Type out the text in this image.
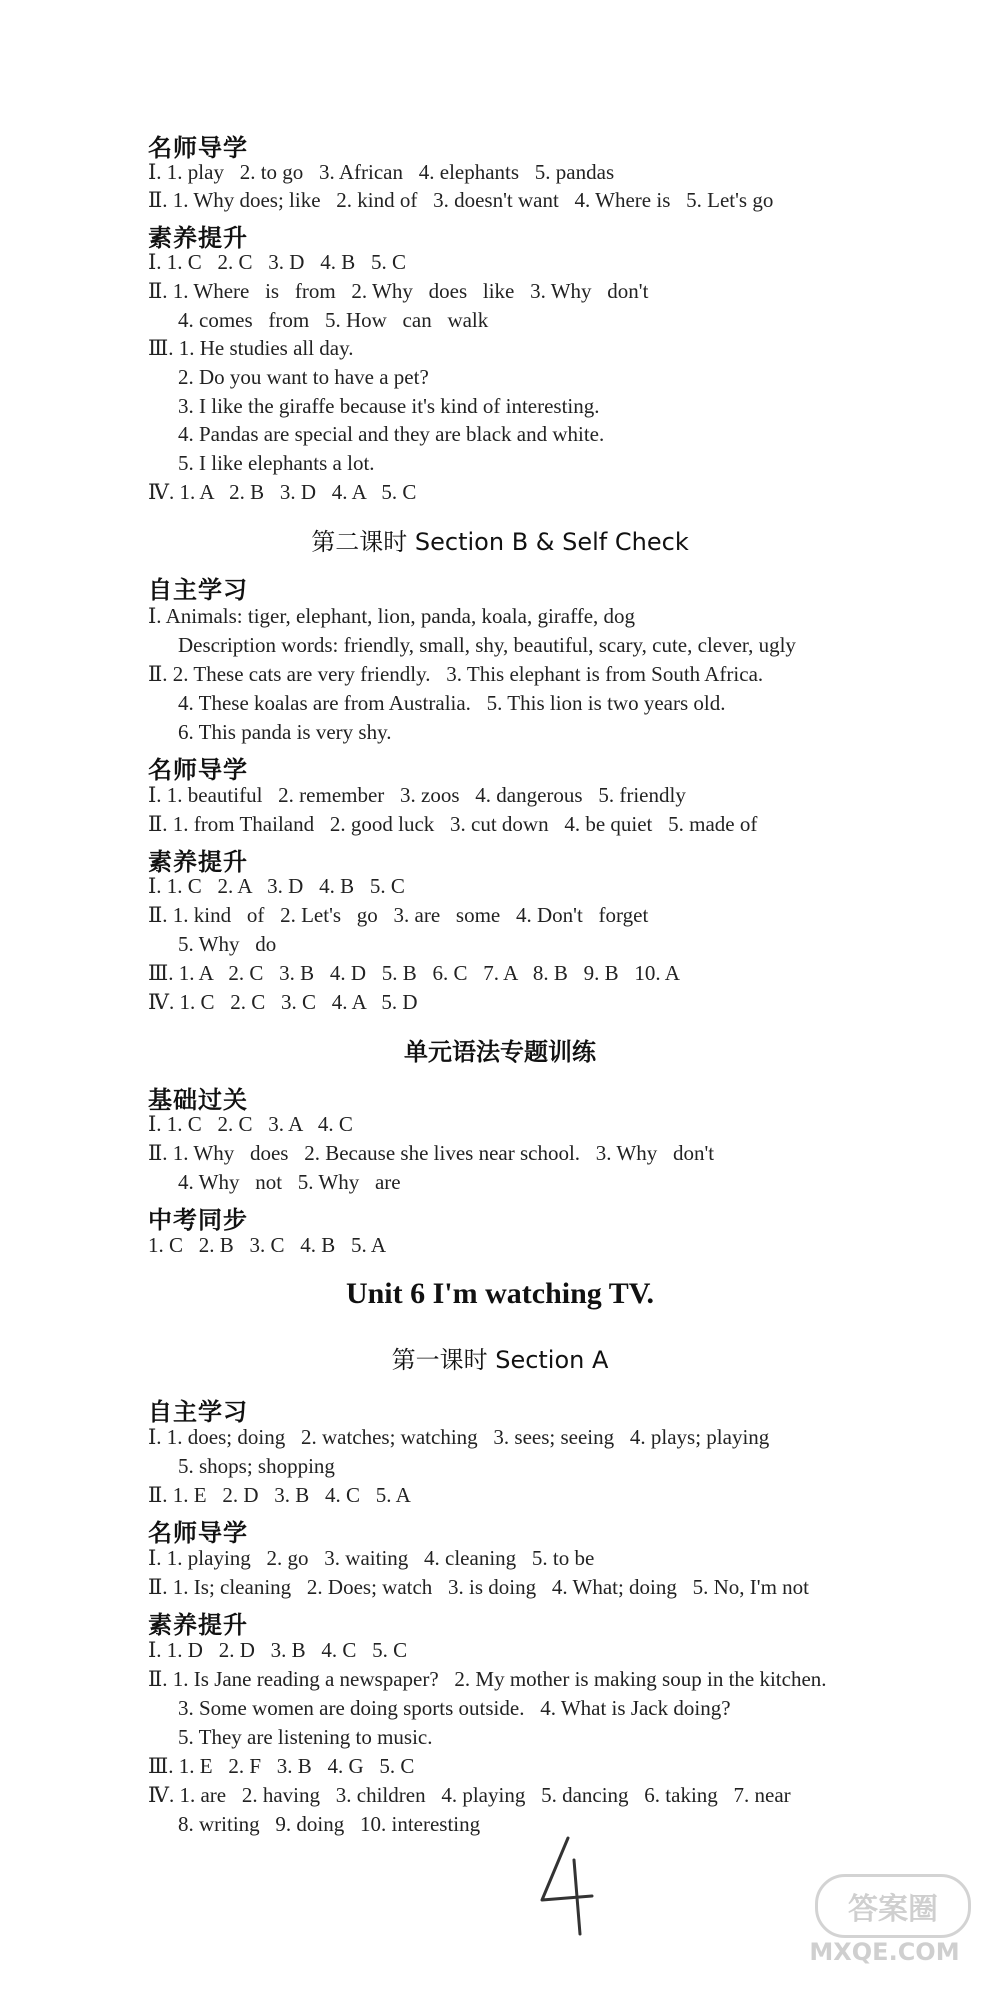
名师导学
Ⅰ. 1. play   2. to go   3. African   4. elephants   5. pandas
Ⅱ. 1. Why does; like   2. kind of   3. doesn't want   4. Where is   5. Let's go
素养提升
Ⅰ. 1. C   2. C   3. D   4. B   5. C
Ⅱ. 1. Where   is   from   2. Why   does   like   3. Why   don't
4. comes   from   5. How   can   walk
Ⅲ. 1. He studies all day.
2. Do you want to have a pet?
3. I like the giraffe because it's kind of interesting.
4. Pandas are special and they are black and white.
5. I like elephants a lot.
Ⅳ. 1. A   2. B   3. D   4. A   5. C
第二课时 Section B & Self Check
自主学习
Ⅰ. Animals: tiger, elephant, lion, panda, koala, giraffe, dog
Description words: friendly, small, shy, beautiful, scary, cute, clever, ugly
Ⅱ. 2. These cats are very friendly.   3. This elephant is from South Africa.
4. These koalas are from Australia.   5. This lion is two years old.
6. This panda is very shy.
名师导学
Ⅰ. 1. beautiful   2. remember   3. zoos   4. dangerous   5. friendly
Ⅱ. 1. from Thailand   2. good luck   3. cut down   4. be quiet   5. made of
素养提升
Ⅰ. 1. C   2. A   3. D   4. B   5. C
Ⅱ. 1. kind   of   2. Let's   go   3. are   some   4. Don't   forget
5. Why   do
Ⅲ. 1. A   2. C   3. B   4. D   5. B   6. C   7. A   8. B   9. B   10. A
Ⅳ. 1. C   2. C   3. C   4. A   5. D
单元语法专题训练
基础过关
Ⅰ. 1. C   2. C   3. A   4. C
Ⅱ. 1. Why   does   2. Because she lives near school.   3. Why   don't
4. Why   not   5. Why   are
中考同步
1. C   2. B   3. C   4. B   5. A
Unit 6 I'm watching TV.
第一课时 Section A
自主学习
Ⅰ. 1. does; doing   2. watches; watching   3. sees; seeing   4. plays; playing
5. shops; shopping
Ⅱ. 1. E   2. D   3. B   4. C   5. A
名师导学
Ⅰ. 1. playing   2. go   3. waiting   4. cleaning   5. to be
Ⅱ. 1. Is; cleaning   2. Does; watch   3. is doing   4. What; doing   5. No, I'm not
素养提升
Ⅰ. 1. D   2. D   3. B   4. C   5. C
Ⅱ. 1. Is Jane reading a newspaper?   2. My mother is making soup in the kitchen.
3. Some women are doing sports outside.   4. What is Jack doing?
5. They are listening to music.
Ⅲ. 1. E   2. F   3. B   4. G   5. C
Ⅳ. 1. are   2. having   3. children   4. playing   5. dancing   6. taking   7. near
8. writing   9. doing   10. interesting
答案圈
MXQE.COM
